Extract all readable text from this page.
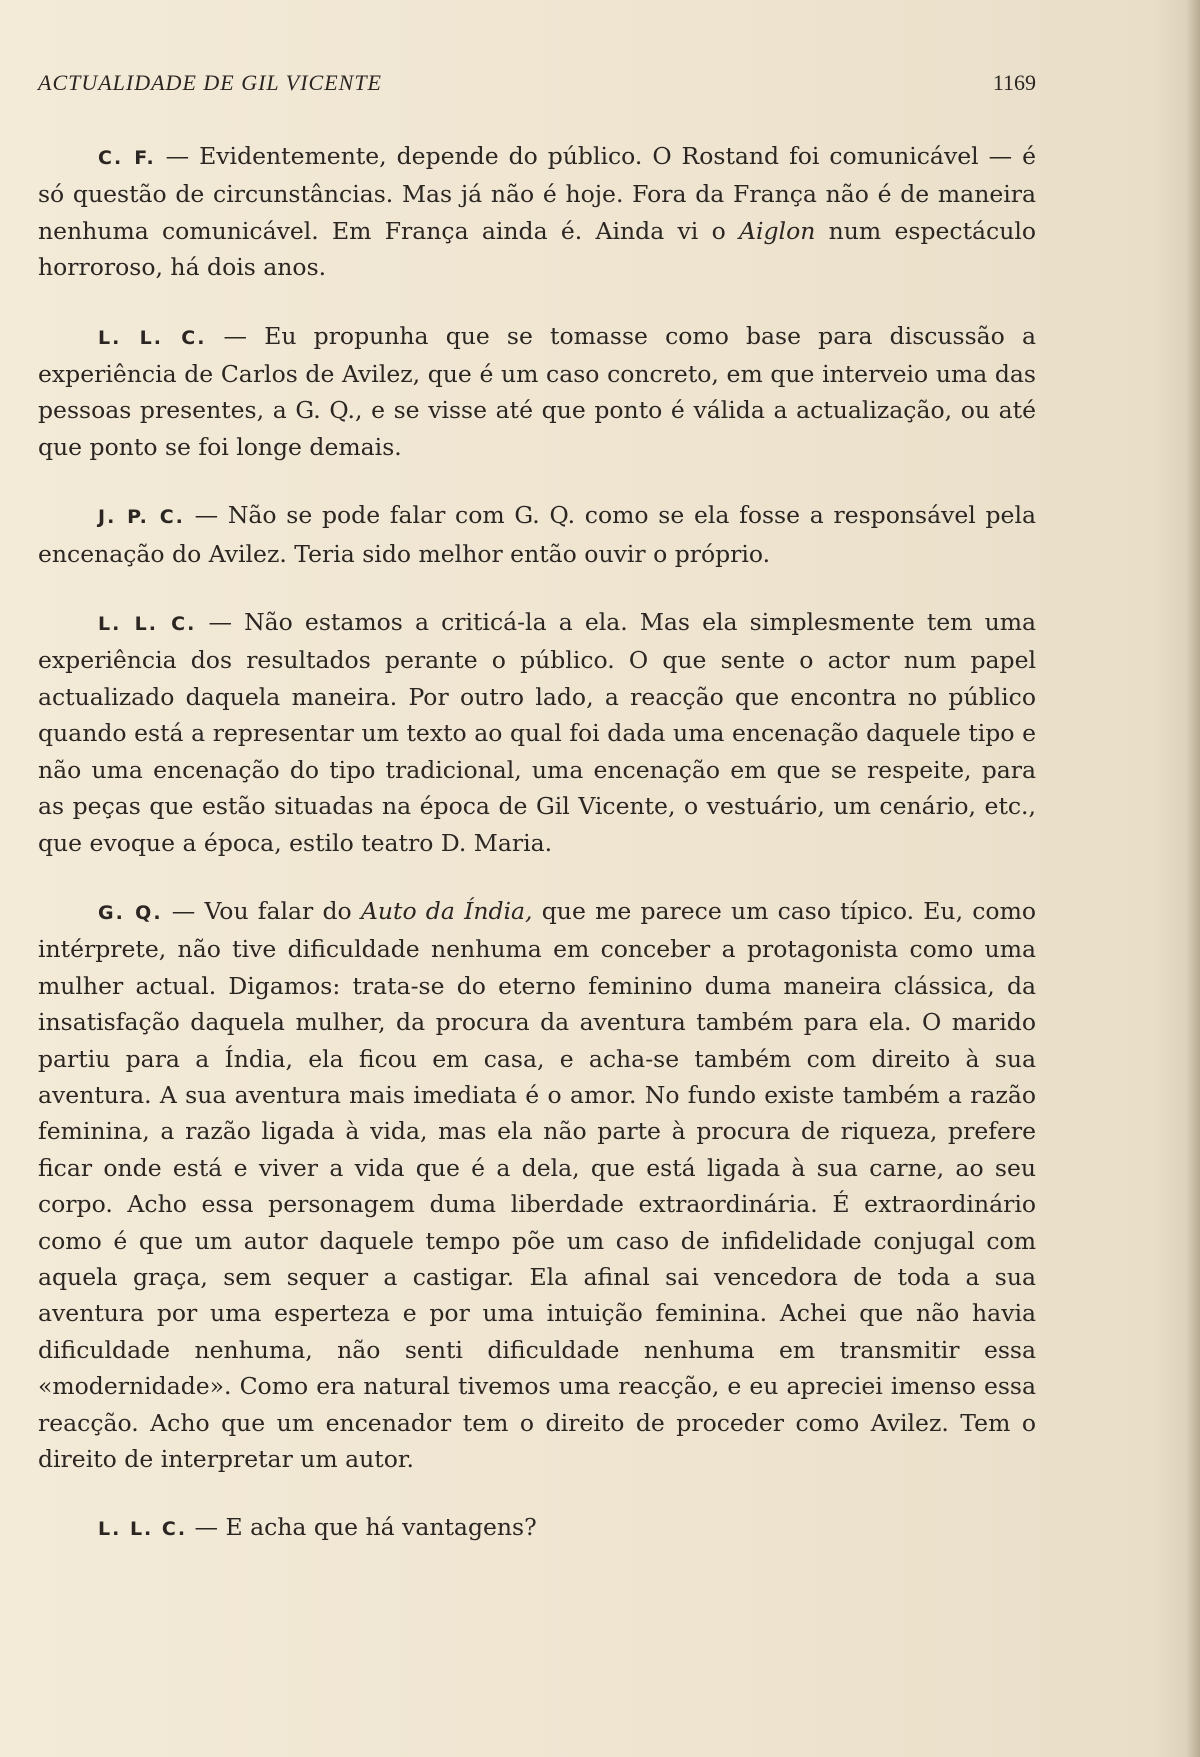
ACTUALIDADE DE GIL VICENTE	1169

C. F. — Evidentemente, depende do público. O Rostand foi comunicável — é só questão de circunstâncias. Mas já não é hoje. Fora da França não é de maneira nenhuma comunicável. Em França ainda é. Ainda vi o Aiglon num espectáculo horroroso, há dois anos.

L. L. C. — Eu propunha que se tomasse como base para discussão a experiência de Carlos de Avilez, que é um caso concreto, em que interveio uma das pessoas presentes, a G. Q., e se visse até que ponto é válida a actualização, ou até que ponto se foi longe demais.

J. P. C. — Não se pode falar com G. Q. como se ela fosse a responsável pela encenação do Avilez. Teria sido melhor então ouvir o próprio.

L. L. C. — Não estamos a criticá-la a ela. Mas ela simplesmente tem uma experiência dos resultados perante o público. O que sente o actor num papel actualizado daquela maneira. Por outro lado, a reacção que encontra no público quando está a representar um texto ao qual foi dada uma encenação daquele tipo e não uma encenação do tipo tradicional, uma encenação em que se respeite, para as peças que estão situadas na época de Gil Vicente, o vestuário, um cenário, etc., que evoque a época, estilo teatro D. Maria.

G. Q. — Vou falar do Auto da Índia, que me parece um caso típico. Eu, como intérprete, não tive dificuldade nenhuma em conceber a protagonista como uma mulher actual. Digamos: trata-se do eterno feminino duma maneira clássica, da insatisfação daquela mulher, da procura da aventura também para ela. O marido partiu para a Índia, ela ficou em casa, e acha-se também com direito à sua aventura. A sua aventura mais imediata é o amor. No fundo existe também a razão feminina, a razão ligada à vida, mas ela não parte à procura de riqueza, prefere ficar onde está e viver a vida que é a dela, que está ligada à sua carne, ao seu corpo. Acho essa personagem duma liberdade extraordinária. É extraordinário como é que um autor daquele tempo põe um caso de infidelidade conjugal com aquela graça, sem sequer a castigar. Ela afinal sai vencedora de toda a sua aventura por uma esperteza e por uma intuição feminina. Achei que não havia dificuldade nenhuma, não senti dificuldade nenhuma em transmitir essa «modernidade». Como era natural tivemos uma reacção, e eu apreciei imenso essa reacção. Acho que um encenador tem o direito de proceder como Avilez. Tem o direito de interpretar um autor.

L. L. C. — E acha que há vantagens?
